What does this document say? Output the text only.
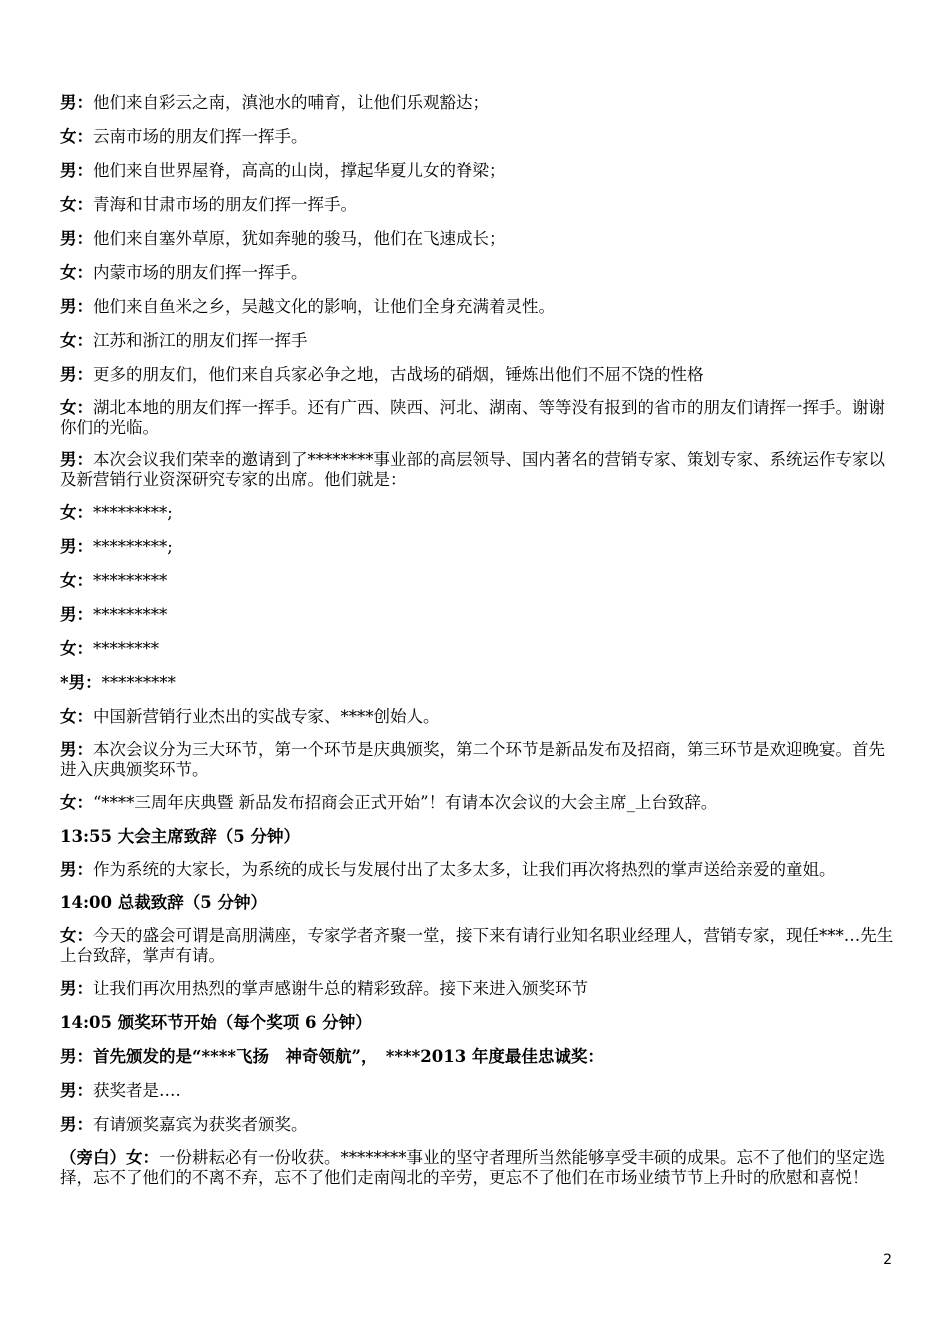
男：他们来自彩云之南，滇池水的哺育，让他们乐观豁达；

女：云南市场的朋友们挥一挥手。

男：他们来自世界屋脊，高高的山岗，撑起华夏儿女的脊梁；

女：青海和甘肃市场的朋友们挥一挥手。

男：他们来自塞外草原，犹如奔驰的骏马，他们在飞速成长；

女：内蒙市场的朋友们挥一挥手。

男：他们来自鱼米之乡，吴越文化的影响，让他们全身充满着灵性。

女：江苏和浙江的朋友们挥一挥手

男：更多的朋友们，他们来自兵家必争之地，古战场的硝烟，锤炼出他们不屈不饶的性格

女：湖北本地的朋友们挥一挥手。还有广西、陕西、河北、湖南、等等没有报到的省市的朋友们请挥一挥手。谢谢你们的光临。

男：本次会议我们荣幸的邀请到了********事业部的高层领导、国内著名的营销专家、策划专家、系统运作专家以及新营销行业资深研究专家的出席。他们就是：

女：*********;

男：*********;

女：*********

男：*********

女：********

*男：*********

女：中国新营销行业杰出的实战专家、****创始人。

男：本次会议分为三大环节，第一个环节是庆典颁奖，第二个环节是新品发布及招商，第三环节是欢迎晚宴。首先进入庆典颁奖环节。

女：“****三周年庆典暨 新品发布招商会正式开始”！有请本次会议的大会主席_上台致辞。

13:55 大会主席致辞（5 分钟）

男：作为系统的大家长，为系统的成长与发展付出了太多太多，让我们再次将热烈的掌声送给亲爱的童姐。

14:00 总裁致辞（5 分钟）

女：今天的盛会可谓是高朋满座，专家学者齐聚一堂，接下来有请行业知名职业经理人，营销专家，现任***…先生上台致辞，掌声有请。

男：让我们再次用热烈的掌声感谢牛总的精彩致辞。接下来进入颁奖环节

14:05 颁奖环节开始（每个奖项 6 分钟）

男：首先颁发的是“****飞扬　神奇领航”，　****2013 年度最佳忠诚奖：

男：获奖者是….

男：有请颁奖嘉宾为获奖者颁奖。

（旁白）女：一份耕耘必有一份收获。********事业的坚守者理所当然能够享受丰硕的成果。忘不了他们的坚定选择，忘不了他们的不离不弃，忘不了他们走南闯北的辛劳，更忘不了他们在市场业绩节节上升时的欣慰和喜悦！

2
